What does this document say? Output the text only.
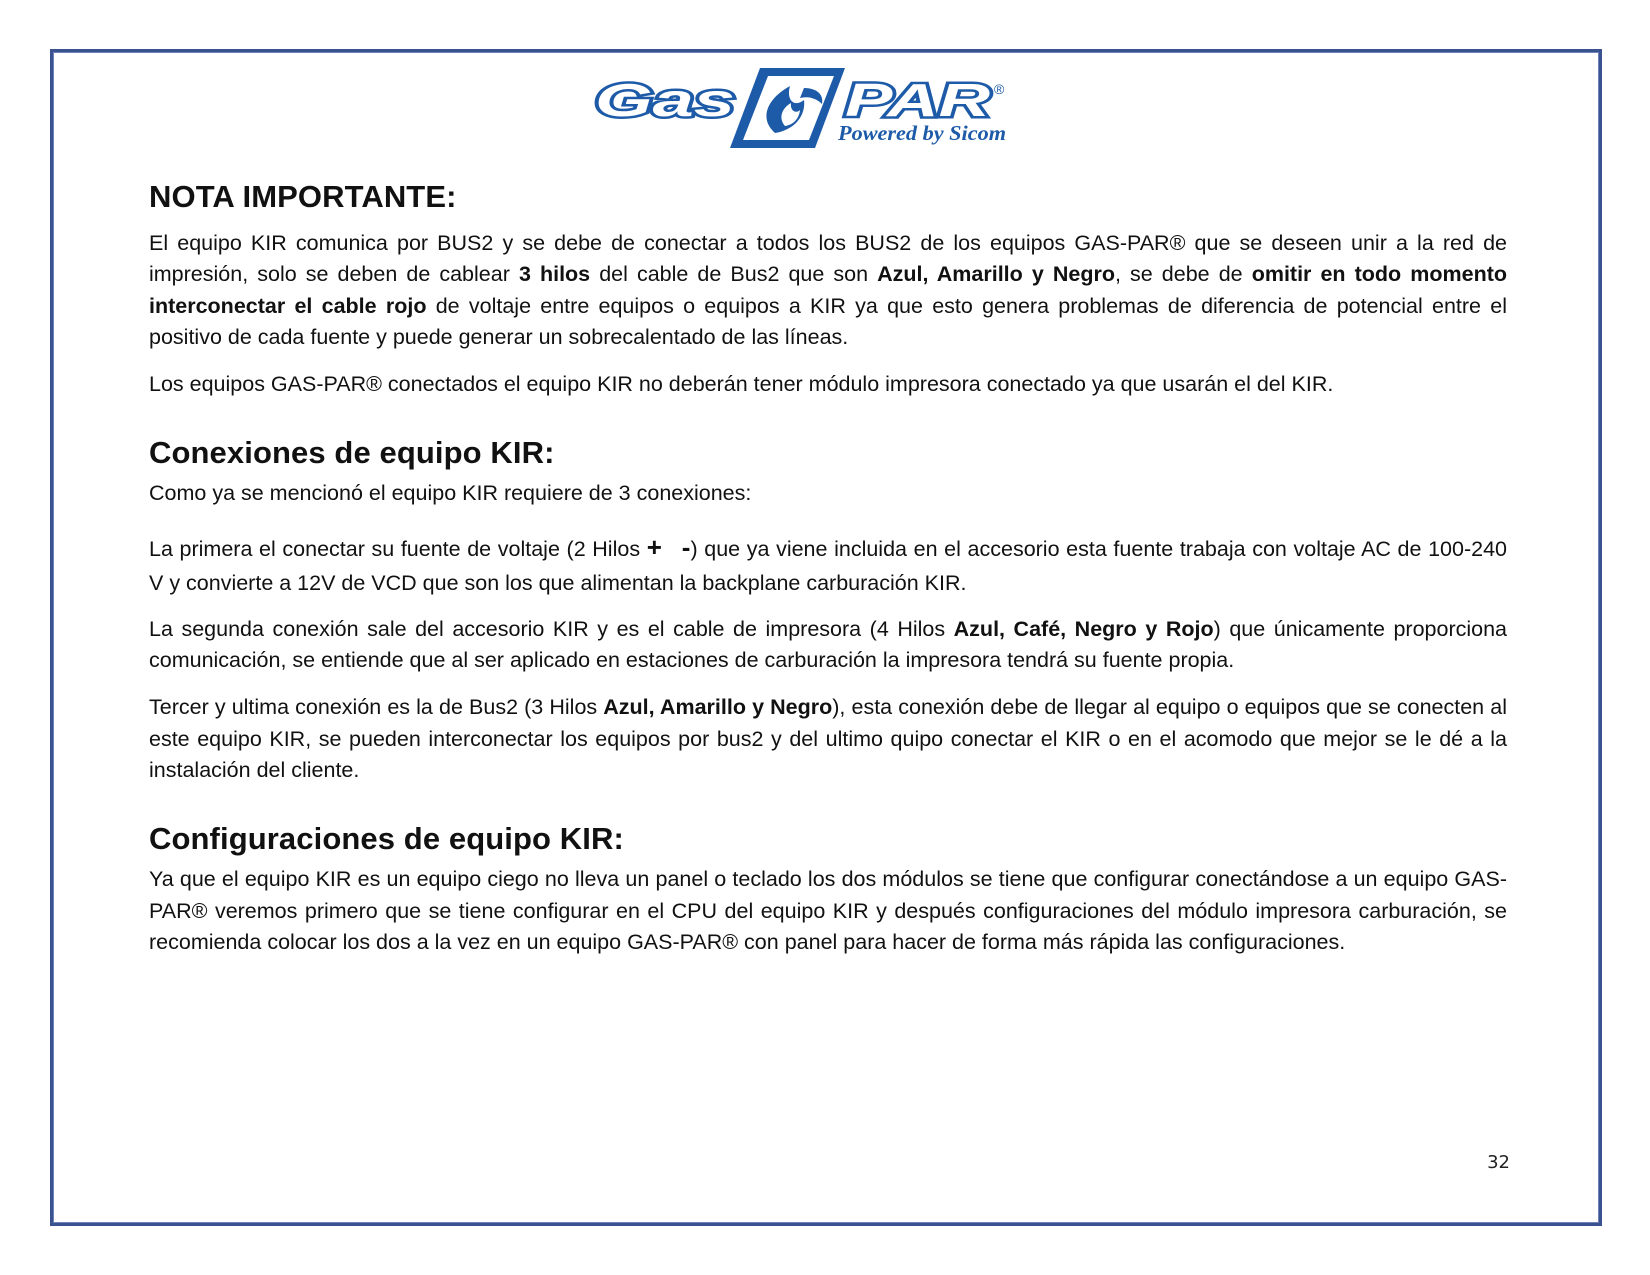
Gas PAR ®
Powered by Sicom
NOTA IMPORTANTE:

El equipo KIR comunica por BUS2 y se debe de conectar a todos los BUS2 de los equipos GAS-PAR® que se deseen unir a la red de impresión, solo se deben de cablear 3 hilos del cable de Bus2 que son Azul, Amarillo y Negro, se debe de omitir en todo momento interconectar el cable rojo de voltaje entre equipos o equipos a KIR ya que esto genera problemas de diferencia de potencial entre el positivo de cada fuente y puede generar un sobrecalentado de las líneas.

Los equipos GAS-PAR® conectados el equipo KIR no deberán tener módulo impresora conectado ya que usarán el del KIR.

Conexiones de equipo KIR:

Como ya se mencionó el equipo KIR requiere de 3 conexiones:

La primera el conectar su fuente de voltaje (2 Hilos + -) que ya viene incluida en el accesorio esta fuente trabaja con voltaje AC de 100-240 V y convierte a 12V de VCD que son los que alimentan la backplane carburación KIR.

La segunda conexión sale del accesorio KIR y es el cable de impresora (4 Hilos Azul, Café, Negro y Rojo) que únicamente proporciona comunicación, se entiende que al ser aplicado en estaciones de carburación la impresora tendrá su fuente propia.

Tercer y ultima conexión es la de Bus2 (3 Hilos Azul, Amarillo y Negro), esta conexión debe de llegar al equipo o equipos que se conecten al este equipo KIR, se pueden interconectar los equipos por bus2 y del ultimo quipo conectar el KIR o en el acomodo que mejor se le dé a la instalación del cliente.

Configuraciones de equipo KIR:

Ya que el equipo KIR es un equipo ciego no lleva un panel o teclado los dos módulos se tiene que configurar conectándose a un equipo GAS-PAR® veremos primero que se tiene configurar en el CPU del equipo KIR y después configuraciones del módulo impresora carburación, se recomienda colocar los dos a la vez en un equipo GAS-PAR® con panel para hacer de forma más rápida las configuraciones.

32
